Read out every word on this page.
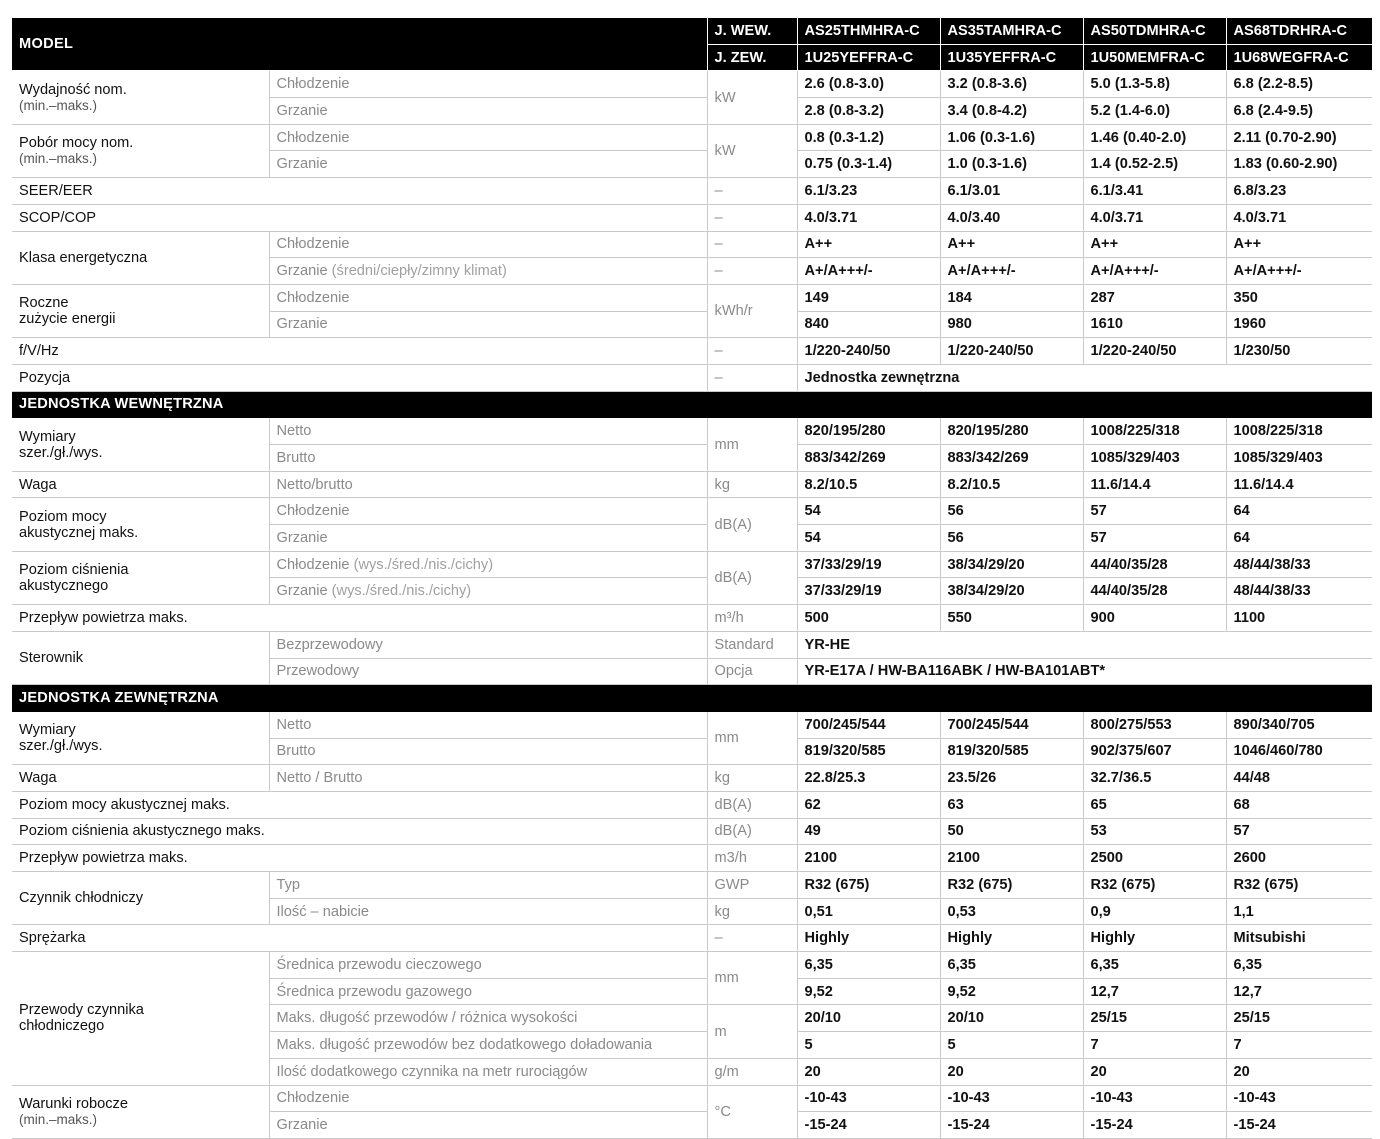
MODEL		J. WEW.	AS25THMHRA-C	AS35TAMHRA-C	AS50TDMHRA-C	AS68TDRHRA-C
		J. ZEW.	1U25YEFFRA-C	1U35YEFFRA-C	1U50MEMFRA-C	1U68WEGFRA-C
Wydajność nom.
(min.–maks.)	Chłodzenie	kW	2.6 (0.8-3.0)	3.2 (0.8-3.6)	5.0 (1.3-5.8)	6.8 (2.2-8.5)
	Grzanie		2.8 (0.8-3.2)	3.4 (0.8-4.2)	5.2 (1.4-6.0)	6.8 (2.4-9.5)
Pobór mocy nom.
(min.–maks.)	Chłodzenie	kW	0.8 (0.3-1.2)	1.06 (0.3-1.6)	1.46 (0.40-2.0)	2.11 (0.70-2.90)
	Grzanie		0.75 (0.3-1.4)	1.0 (0.3-1.6)	1.4 (0.52-2.5)	1.83 (0.60-2.90)
SEER/EER		–	6.1/3.23	6.1/3.01	6.1/3.41	6.8/3.23
SCOP/COP		–	4.0/3.71	4.0/3.40	4.0/3.71	4.0/3.71
Klasa energetyczna	Chłodzenie	–	A++	A++	A++	A++
	Grzanie (średni/ciepły/zimny klimat)	–	A+/A+++/-	A+/A+++/-	A+/A+++/-	A+/A+++/-
Roczne
zużycie energii	Chłodzenie	kWh/r	149	184	287	350
	Grzanie		840	980	1610	1960
f/V/Hz		–	1/220-240/50	1/220-240/50	1/220-240/50	1/230/50
Pozycja		–	Jednostka zewnętrzna			
JEDNOSTKA WEWNĘTRZNA						
Wymiary
szer./gł./wys.	Netto	mm	820/195/280	820/195/280	1008/225/318	1008/225/318
	Brutto		883/342/269	883/342/269	1085/329/403	1085/329/403
Waga	Netto/brutto	kg	8.2/10.5	8.2/10.5	11.6/14.4	11.6/14.4
Poziom mocy
akustycznej maks.	Chłodzenie	dB(A)	54	56	57	64
	Grzanie		54	56	57	64
Poziom ciśnienia
akustycznego	Chłodzenie (wys./śred./nis./cichy)	dB(A)	37/33/29/19	38/34/29/20	44/40/35/28	48/44/38/33
	Grzanie (wys./śred./nis./cichy)		37/33/29/19	38/34/29/20	44/40/35/28	48/44/38/33
Przepływ powietrza maks.		m³/h	500	550	900	1100
Sterownik	Bezprzewodowy	Standard	YR-HE			
	Przewodowy	Opcja	YR-E17A / HW-BA116ABK / HW-BA101ABT*			
JEDNOSTKA ZEWNĘTRZNA						
Wymiary
szer./gł./wys.	Netto	mm	700/245/544	700/245/544	800/275/553	890/340/705
	Brutto		819/320/585	819/320/585	902/375/607	1046/460/780
Waga	Netto / Brutto	kg	22.8/25.3	23.5/26	32.7/36.5	44/48
Poziom mocy akustycznej maks.		dB(A)	62	63	65	68
Poziom ciśnienia akustycznego maks.		dB(A)	49	50	53	57
Przepływ powietrza maks.		m3/h	2100	2100	2500	2600
Czynnik chłodniczy	Typ	GWP	R32 (675)	R32 (675)	R32 (675)	R32 (675)
	Ilość – nabicie	kg	0,51	0,53	0,9	1,1
Sprężarka		–	Highly	Highly	Highly	Mitsubishi
Przewody czynnika
chłodniczego	Średnica przewodu cieczowego	mm	6,35	6,35	6,35	6,35
	Średnica przewodu gazowego		9,52	9,52	12,7	12,7
	Maks. długość przewodów / różnica wysokości	m	20/10	20/10	25/15	25/15
	Maks. długość przewodów bez dodatkowego doładowania		5	5	7	7
	Ilość dodatkowego czynnika na metr rurociągów	g/m	20	20	20	20
Warunki robocze
(min.–maks.)	Chłodzenie	°C	-10-43	-10-43	-10-43	-10-43
	Grzanie		-15-24	-15-24	-15-24	-15-24
